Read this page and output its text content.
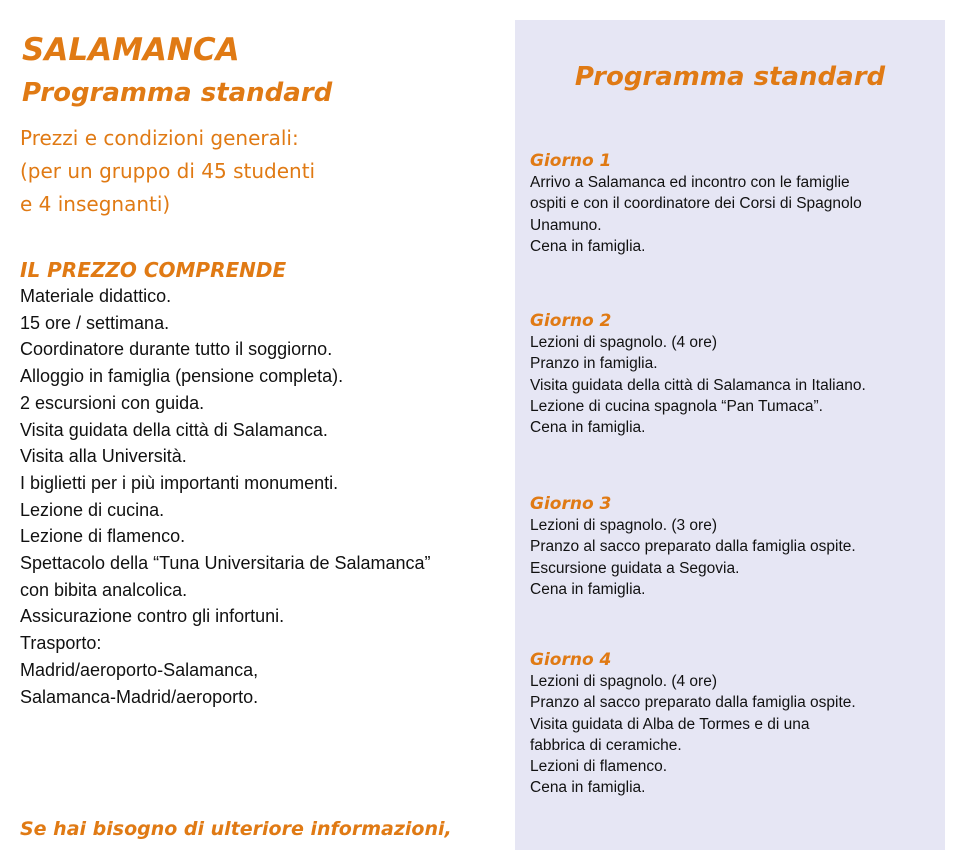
SALAMANCA
Programma standard
Prezzi e condizioni generali:
(per un gruppo di 45 studenti
e 4 insegnanti)
IL PREZZO COMPRENDE
Materiale didattico.
15 ore / settimana.
Coordinatore durante tutto il soggiorno.
Alloggio in famiglia (pensione completa).
2 escursioni con guida.
Visita guidata della città di Salamanca.
Visita alla Università.
I biglietti per i più importanti monumenti.
Lezione di cucina.
Lezione di flamenco.
Spettacolo della “Tuna Universitaria de Salamanca”
con bibita analcolica.
Assicurazione contro gli infortuni.
Trasporto:
Madrid/aeroporto-Salamanca,
Salamanca-Madrid/aeroporto.
Se hai bisogno di ulteriore informazioni,
Programma standard
Giorno 1
Arrivo a Salamanca ed incontro con le famiglie
ospiti e con il coordinatore dei Corsi di Spagnolo
Unamuno.
Cena in famiglia.
Giorno 2
Lezioni di spagnolo. (4 ore)
Pranzo in famiglia.
Visita guidata della città di Salamanca in Italiano.
Lezione di cucina spagnola “Pan Tumaca”.
Cena in famiglia.
Giorno 3
Lezioni di spagnolo. (3 ore)
Pranzo al sacco preparato dalla famiglia ospite.
Escursione guidata a Segovia.
Cena in famiglia.
Giorno 4
Lezioni di spagnolo. (4 ore)
Pranzo al sacco preparato dalla famiglia ospite.
Visita guidata di Alba de Tormes e di una
fabbrica di ceramiche.
Lezioni di flamenco.
Cena in famiglia.
